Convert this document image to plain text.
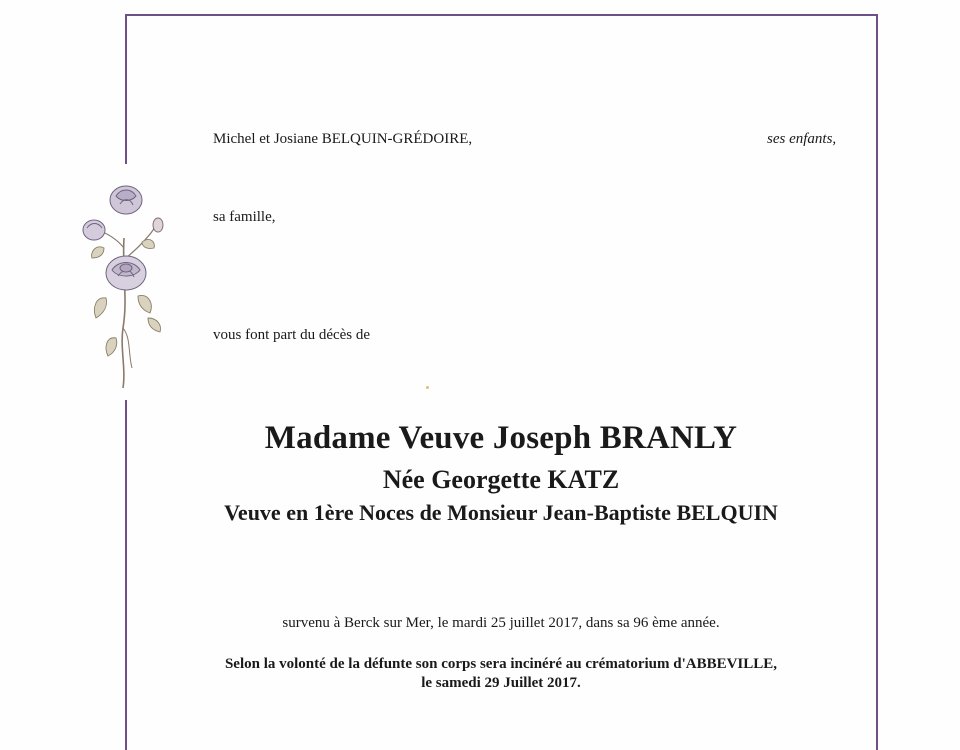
Michel et Josiane BELQUIN-GRÉDOIRE,	ses enfants,
sa famille,
vous font part du décès de
Madame Veuve Joseph BRANLY
Née Georgette KATZ
Veuve en 1ère Noces de Monsieur Jean-Baptiste BELQUIN
survenu à Berck sur Mer, le mardi 25 juillet 2017, dans sa 96 ème année.
Selon la volonté de la défunte son corps sera incinéré au crématorium d'ABBEVILLE,
le samedi 29 Juillet 2017.
